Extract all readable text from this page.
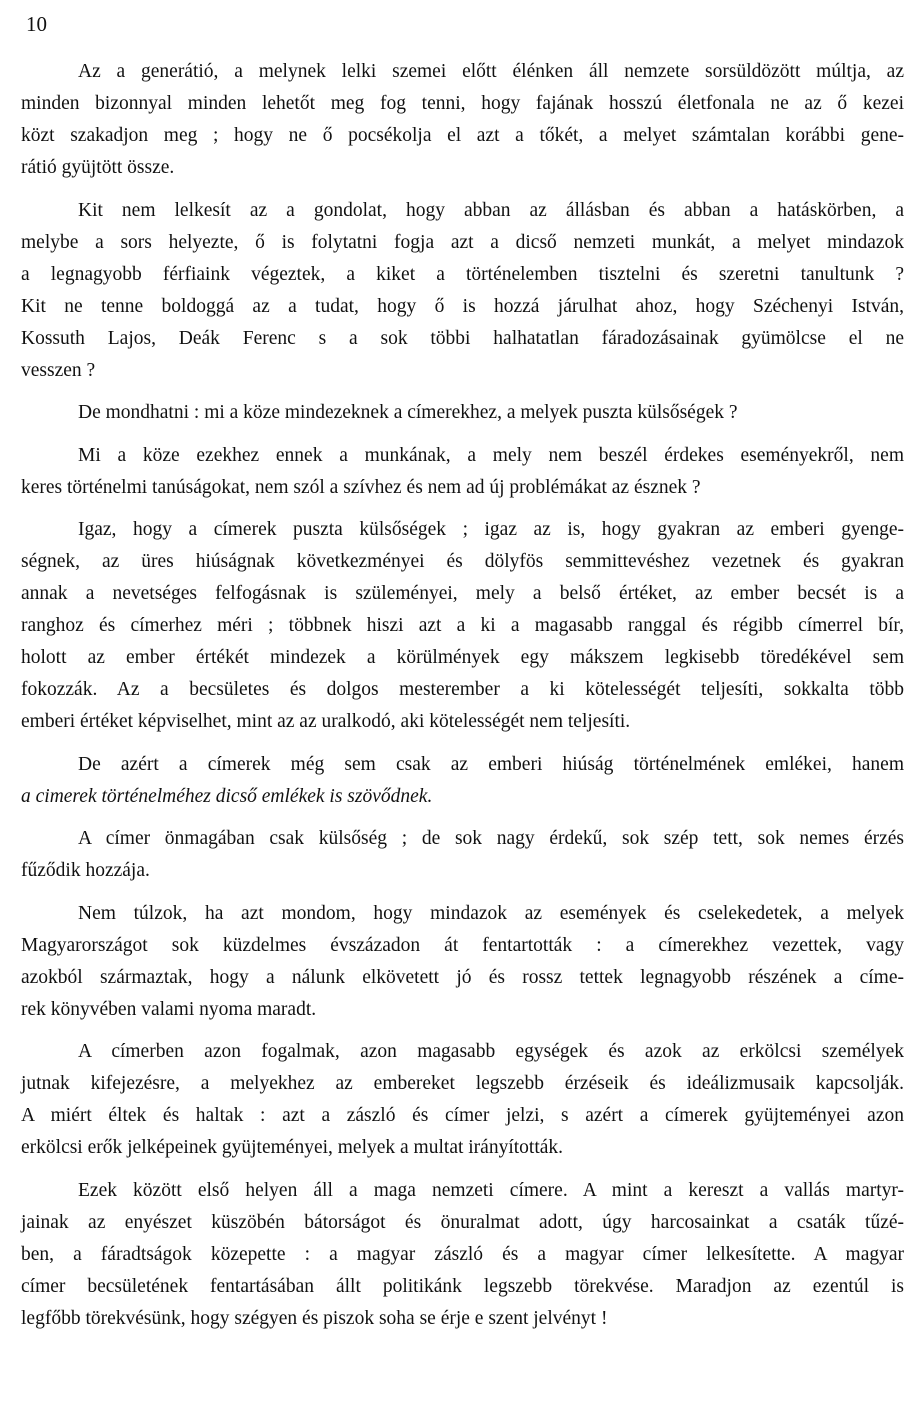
10
Az a generátió, a melynek lelki szemei előtt élénken áll nemzete sorsüldözött múltja, az
minden bizonnyal minden lehetőt meg fog tenni, hogy fajának hosszú életfonala ne az ő kezei
közt szakadjon meg ; hogy ne ő pocsékolja el azt a tőkét, a melyet számtalan korábbi gene-
rátió gyüjtött össze.
Kit nem lelkesít az a gondolat, hogy abban az állásban és abban a hatáskörben, a
melybe a sors helyezte, ő is folytatni fogja azt a dicső nemzeti munkát, a melyet mindazok
a legnagyobb férfiaink végeztek, a kiket a történelemben tisztelni és szeretni tanultunk ?
Kit ne tenne boldoggá az a tudat, hogy ő is hozzá járulhat ahoz, hogy Széchenyi István,
Kossuth Lajos, Deák Ferenc s a sok többi halhatatlan fáradozásainak gyümölcse el ne
vesszen ?
De mondhatni : mi a köze mindezeknek a címerekhez, a melyek puszta külsőségek ?
Mi a köze ezekhez ennek a munkának, a mely nem beszél érdekes eseményekről, nem
keres történelmi tanúságokat, nem szól a szívhez és nem ad új problémákat az észnek ?
Igaz, hogy a címerek puszta külsőségek ; igaz az is, hogy gyakran az emberi gyenge-
ségnek, az üres hiúságnak következményei és dölyfös semmittevéshez vezetnek és gyakran
annak a nevetséges felfogásnak is szüleményei, mely a belső értéket, az ember becsét is a
ranghoz és címerhez méri ; többnek hiszi azt a ki a magasabb ranggal és régibb címerrel bír,
holott az ember értékét mindezek a körülmények egy mákszem legkisebb töredékével sem
fokozzák. Az a becsületes és dolgos mesterember a ki kötelességét teljesíti, sokkalta több
emberi értéket képviselhet, mint az az uralkodó, aki kötelességét nem teljesíti.
De azért a címerek még sem csak az emberi hiúság történelmének emlékei, hanem
a cimerek történelméhez dicső emlékek is szövődnek.
A címer önmagában csak külsőség ; de sok nagy érdekű, sok szép tett, sok nemes érzés
fűződik hozzája.
Nem túlzok, ha azt mondom, hogy mindazok az események és cselekedetek, a melyek
Magyarországot sok küzdelmes évszázadon át fentartották : a címerekhez vezettek, vagy
azokból származtak, hogy a nálunk elkövetett jó és rossz tettek legnagyobb részének a címe-
rek könyvében valami nyoma maradt.
A címerben azon fogalmak, azon magasabb egységek és azok az erkölcsi személyek
jutnak kifejezésre, a melyekhez az embereket legszebb érzéseik és ideálizmusaik kapcsolják.
A miért éltek és haltak : azt a zászló és címer jelzi, s azért a címerek gyüjteményei azon
erkölcsi erők jelképeinek gyüjteményei, melyek a multat irányították.
Ezek között első helyen áll a maga nemzeti címere. A mint a kereszt a vallás martyr-
jainak az enyészet küszöbén bátorságot és önuralmat adott, úgy harcosainkat a csaták tűzé-
ben, a fáradtságok közepette : a magyar zászló és a magyar címer lelkesítette. A magyar
címer becsületének fentartásában állt politikánk legszebb törekvése. Maradjon az ezentúl is
legfőbb törekvésünk, hogy szégyen és piszok soha se érje e szent jelvényt !
